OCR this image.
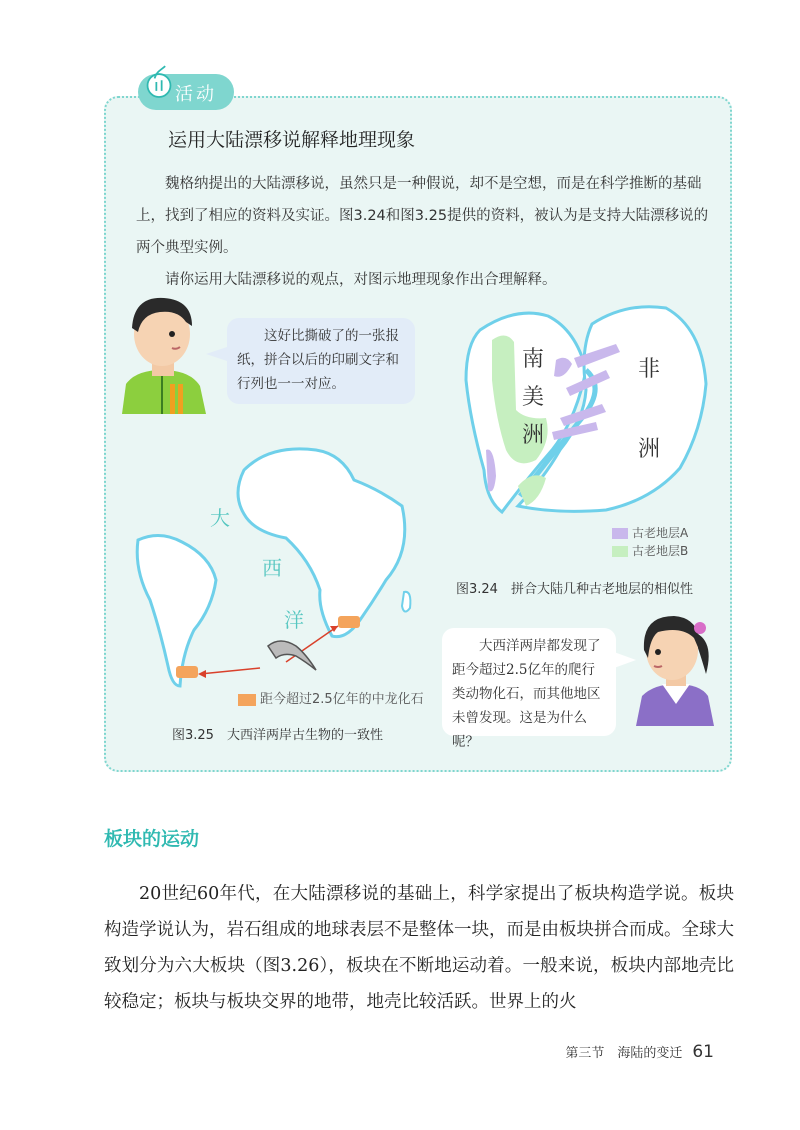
活动
运用大陆漂移说解释地理现象
魏格纳提出的大陆漂移说，虽然只是一种假说，却不是空想，而是在科学推断的基础上，找到了相应的资料及实证。图3.24和图3.25提供的资料，被认为是支持大陆漂移说的两个典型实例。
请你运用大陆漂移说的观点，对图示地理现象作出合理解释。
这好比撕破了的一张报纸，拼合以后的印刷文字和行列也一一对应。
南
美
洲
非
洲
古老地层A
古老地层B
图3.24　拼合大陆几种古老地层的相似性
大
西
洋
距今超过2.5亿年的中龙化石
图3.25　大西洋两岸古生物的一致性
大西洋两岸都发现了距今超过2.5亿年的爬行类动物化石，而其他地区未曾发现。这是为什么呢？
板块的运动

20世纪60年代，在大陆漂移说的基础上，科学家提出了板块构造学说。板块构造学说认为，岩石组成的地球表层不是整体一块，而是由板块拼合而成。全球大致划分为六大板块（图3.26），板块在不断地运动着。一般来说，板块内部地壳比较稳定；板块与板块交界的地带，地壳比较活跃。世界上的火

第三节　海陆的变迁 61
